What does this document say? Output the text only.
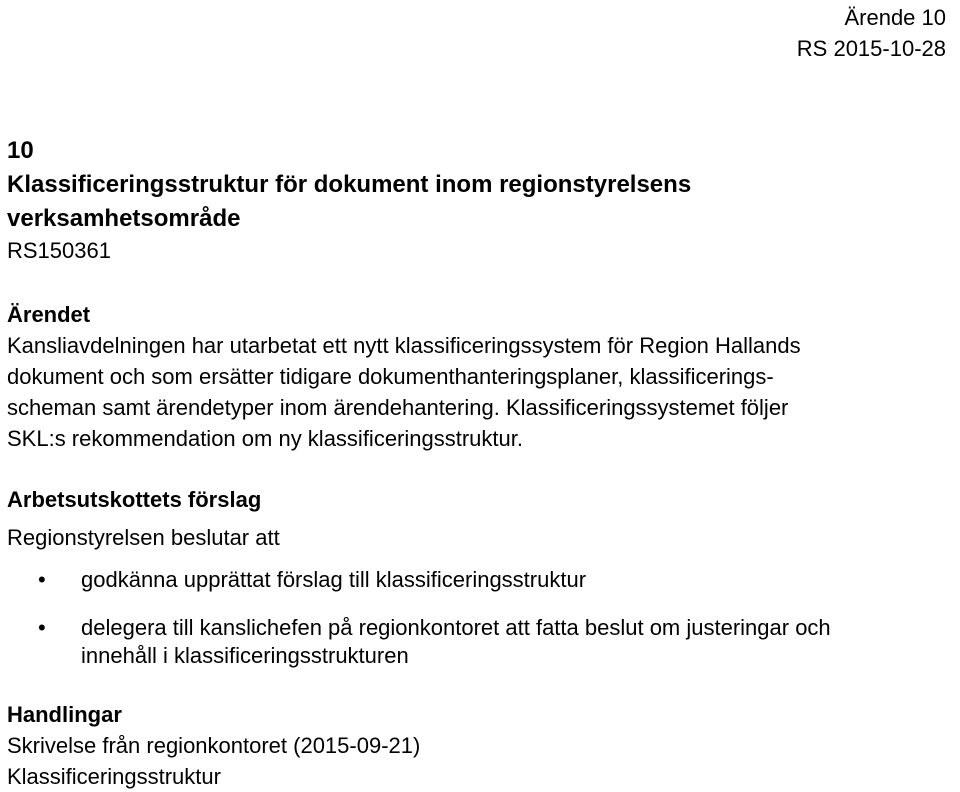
Ärende 10
RS 2015-10-28
10
Klassificeringsstruktur för dokument inom regionstyrelsens
verksamhetsområde
RS150361
Ärendet
Kansliavdelningen har utarbetat ett nytt klassificeringssystem för Region Hallands
dokument och som ersätter tidigare dokumenthanteringsplaner, klassificerings-
scheman samt ärendetyper inom ärendehantering. Klassificeringssystemet följer
SKL:s rekommendation om ny klassificeringsstruktur.
Arbetsutskottets förslag
Regionstyrelsen beslutar att
• godkänna upprättat förslag till klassificeringsstruktur
• delegera till kanslichefen på regionkontoret att fatta beslut om justeringar och
innehåll i klassificeringsstrukturen
Handlingar
Skrivelse från regionkontoret (2015-09-21)
Klassificeringsstruktur
